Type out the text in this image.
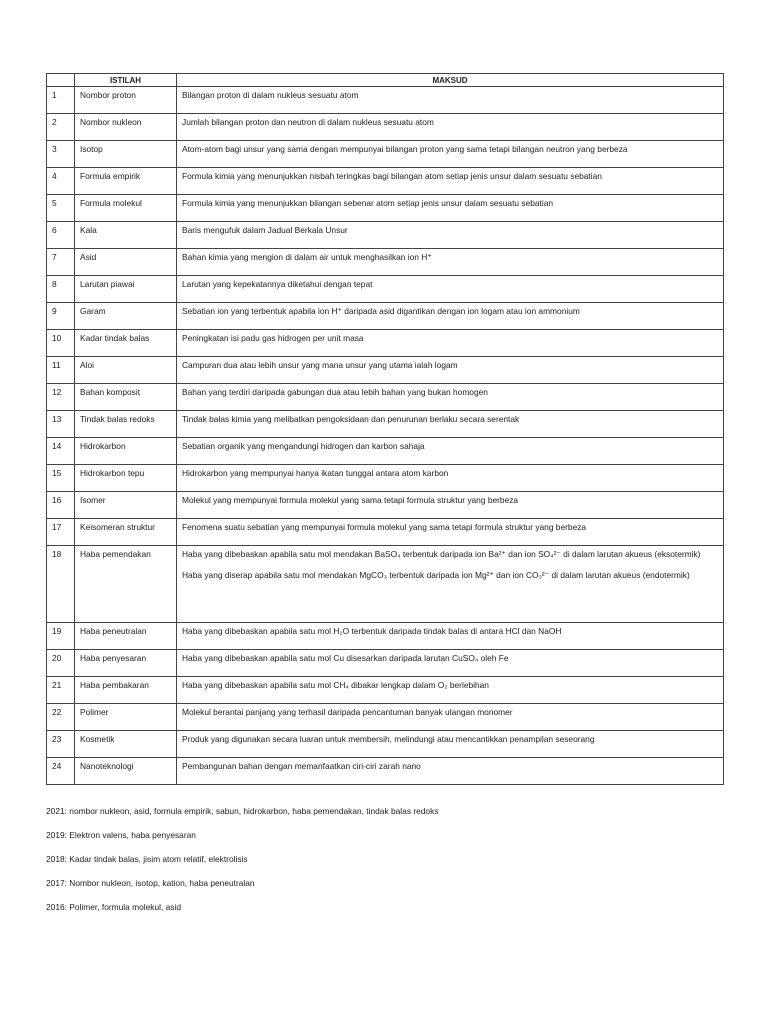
	ISTILAH	MAKSUD
1	Nombor proton	Bilangan proton di dalam nukleus sesuatu atom

2	Nombor nukleon	Jumlah bilangan proton dan neutron di dalam nukleus sesuatu atom

3	Isotop	Atom-atom bagi unsur yang sama dengan mempunyai bilangan proton yang sama tetapi bilangan neutron yang berbeza

4	Formula empirik	Formula kimia yang menunjukkan nisbah teringkas bagi bilangan atom setiap jenis unsur dalam sesuatu sebatian

5	Formula molekul	Formula kimia yang menunjukkan bilangan sebenar atom setiap jenis unsur dalam sesuatu sebatian

6	Kala	Baris mengufuk dalam Jadual Berkala Unsur

7	Asid	Bahan kimia yang mengion di dalam air untuk menghasilkan ion H⁺

8	Larutan piawai	Larutan yang kepekatannya diketahui dengan tepat

9	Garam	Sebatian ion yang terbentuk apabila ion H⁺ daripada asid digantikan dengan ion logam atau ion ammonium

10	Kadar tindak balas	Peningkatan isi padu gas hidrogen per unit masa

11	Aloi	Campuran dua atau lebih unsur yang mana unsur yang utama ialah logam

12	Bahan komposit	Bahan yang terdiri daripada gabungan dua atau lebih bahan yang bukan homogen

13	Tindak balas redoks	Tindak balas kimia yang melibatkan pengoksidaan dan penurunan berlaku secara serentak

14	Hidrokarbon	Sebatian organik yang mengandungi hidrogen dan karbon sahaja

15	Hidrokarbon tepu	Hidrokarbon yang mempunyai hanya ikatan tunggal antara atom karbon

16	Isomer	Molekul yang mempunyai formula molekul yang sama tetapi formula struktur yang berbeza

17	Keisomeran struktur	Fenomena suatu sebatian yang mempunyai formula molekul yang sama tetapi formula struktur yang berbeza

18	Haba pemendakan	Haba yang dibebaskan apabila satu mol mendakan BaSO₄ terbentuk daripada ion Ba²⁺ dan ion SO₄²⁻ di dalam larutan akueus (eksotermik)
Haba yang diserap apabila satu mol mendakan MgCO₃ terbentuk daripada ion Mg²⁺ dan ion CO₃²⁻ di dalam larutan akueus (endotermik)

19	Haba peneutralan	Haba yang dibebaskan apabila satu mol H₂O terbentuk daripada tindak balas di antara HCl dan NaOH

20	Haba penyesaran	Haba yang dibebaskan apabila satu mol Cu disesarkan daripada larutan CuSO₄ oleh Fe

21	Haba pembakaran	Haba yang dibebaskan apabila satu mol CH₄ dibakar lengkap dalam O₂ berlebihan

22	Polimer	Molekul berantai panjang yang terhasil daripada pencantuman banyak ulangan monomer

23	Kosmetik	Produk yang digunakan secara luaran untuk membersih, melindungi atau mencantikkan penampilan seseorang

24	Nanoteknologi	Pembangunan bahan dengan memanfaatkan ciri-ciri zarah nano
2021: nombor nukleon, asid, formula empirik, sabun, hidrokarbon, haba pemendakan, tindak balas redoks
2019: Elektron valens, haba penyesaran
2018: Kadar tindak balas, jisim atom relatif, elektrolisis
2017: Nombor nukleon, isotop, kation, haba peneutralan
2016: Polimer, formula molekul, asid
